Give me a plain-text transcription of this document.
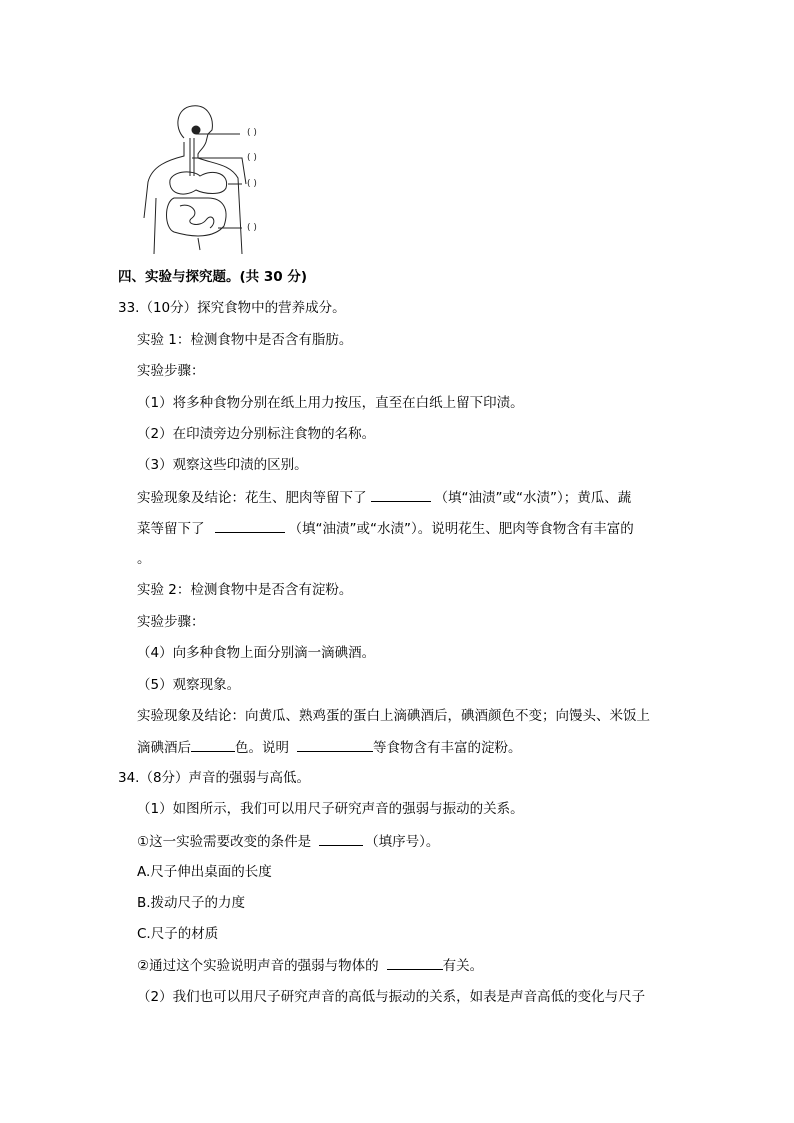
( )
( )
( )
( )
四、实验与探究题。(共 30 分)
33.（10分）探究食物中的营养成分。
实验 1：检测食物中是否含有脂肪。
实验步骤：
（1）将多种食物分别在纸上用力按压，直至在白纸上留下印渍。
（2）在印渍旁边分别标注食物的名称。
（3）观察这些印渍的区别。
实验现象及结论：花生、肥肉等留下了	（填“油渍”或“水渍”）；黄瓜、蔬
菜等留下了	（填“油渍”或“水渍”）。说明花生、肥肉等食物含有丰富的
。
实验 2：检测食物中是否含有淀粉。
实验步骤：
（4）向多种食物上面分别滴一滴碘酒。
（5）观察现象。
实验现象及结论：向黄瓜、熟鸡蛋的蛋白上滴碘酒后，碘酒颜色不变；向馒头、米饭上
滴碘酒后	色。说明	等食物含有丰富的淀粉。
34.（8分）声音的强弱与高低。
（1）如图所示，我们可以用尺子研究声音的强弱与振动的关系。
①这一实验需要改变的条件是	（填序号）。
A.尺子伸出桌面的长度
B.拨动尺子的力度
C.尺子的材质
②通过这个实验说明声音的强弱与物体的	有关。
（2）我们也可以用尺子研究声音的高低与振动的关系，如表是声音高低的变化与尺子
